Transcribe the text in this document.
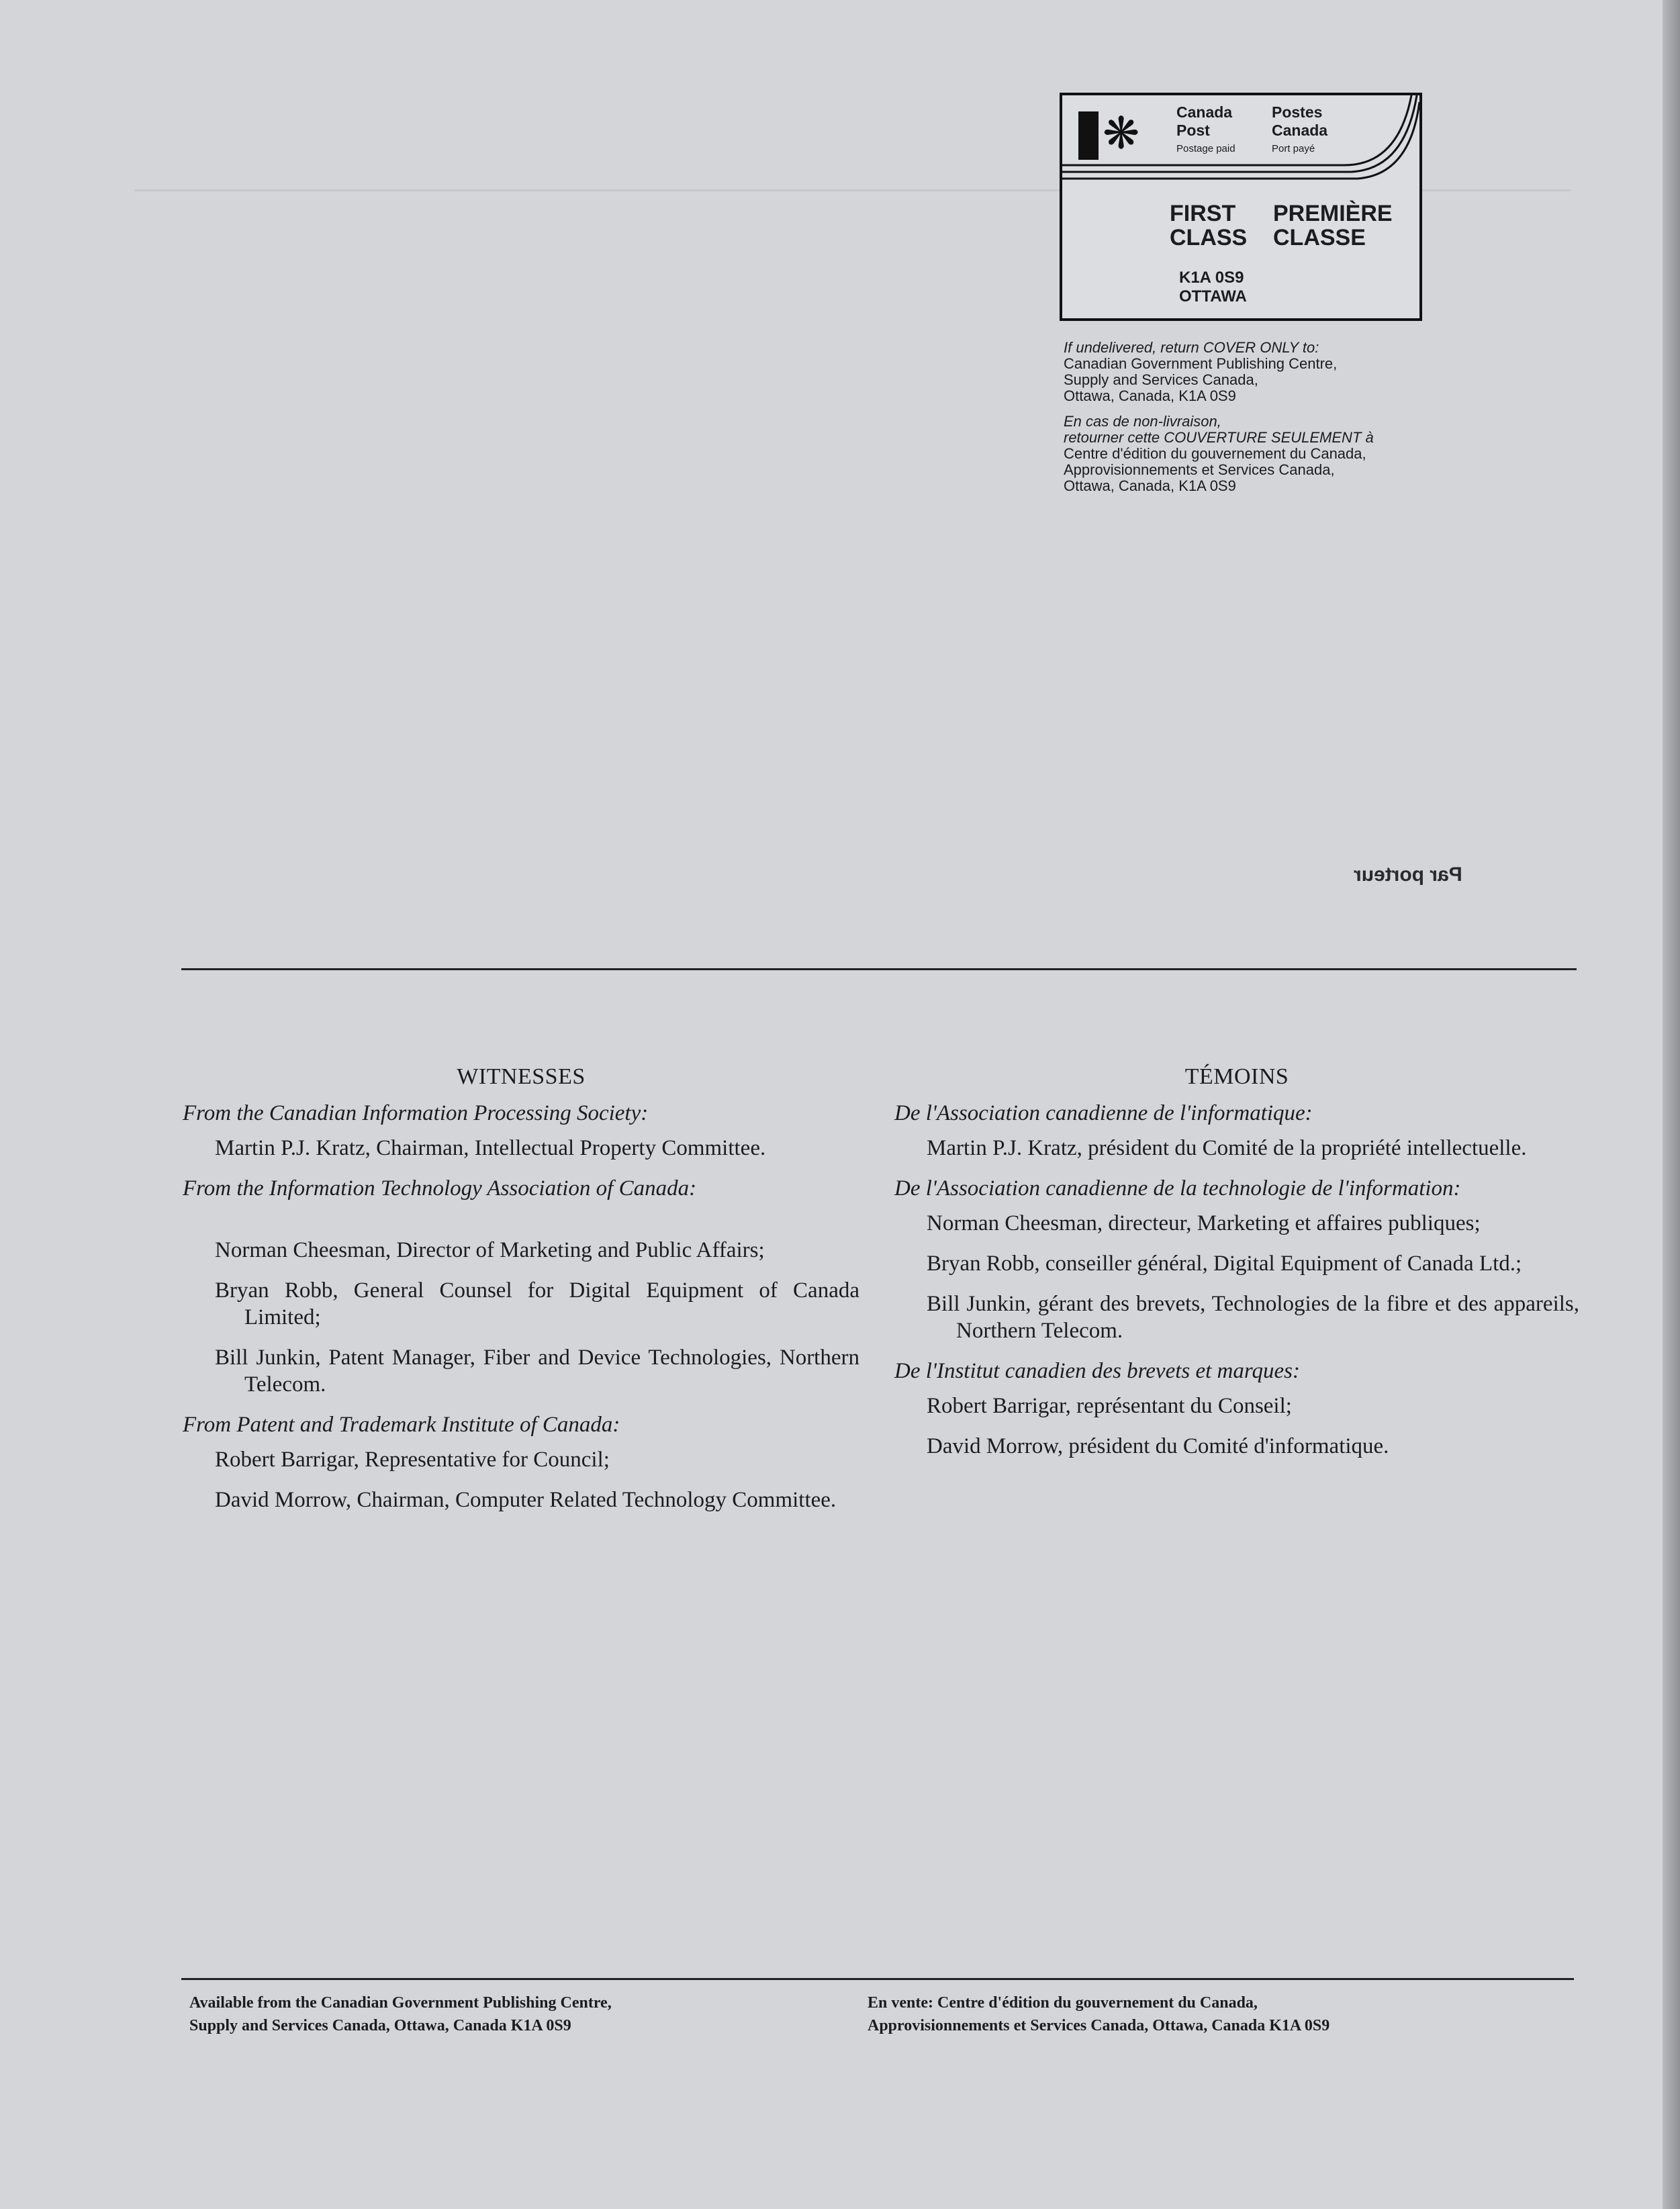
❋ Canada
Post
Postage paid
Postes
Canada
Port payé
FIRST
CLASS
PREMIÈRE
CLASSE
K1A 0S9
OTTAWA

If undelivered, return COVER ONLY to:

Canadian Government Publishing Centre,

Supply and Services Canada,

Ottawa, Canada, K1A 0S9

En cas de non-livraison,

retourner cette COUVERTURE SEULEMENT à

Centre d'édition du gouvernement du Canada,

Approvisionnements et Services Canada,

Ottawa, Canada, K1A 0S9

Par porteur
WITNESSES

From the Canadian Information Processing Society:

Martin P.J. Kratz, Chairman, Intellectual Property Committee.

From the Information Technology Association of Canada:

Norman Cheesman, Director of Marketing and Public Affairs;

Bryan Robb, General Counsel for Digital Equipment of Canada Limited;

Bill Junkin, Patent Manager, Fiber and Device Technologies, Northern Telecom.

From Patent and Trademark Institute of Canada:

Robert Barrigar, Representative for Council;

David Morrow, Chairman, Computer Related Technology Committee.

TÉMOINS

De l'Association canadienne de l'informatique:

Martin P.J. Kratz, président du Comité de la propriété intellectuelle.

De l'Association canadienne de la technologie de l'information:

Norman Cheesman, directeur, Marketing et affaires publiques;

Bryan Robb, conseiller général, Digital Equipment of Canada Ltd.;

Bill Junkin, gérant des brevets, Technologies de la fibre et des appareils, Northern Telecom.

De l'Institut canadien des brevets et marques:

Robert Barrigar, représentant du Conseil;

David Morrow, président du Comité d'informatique.

Available from the Canadian Government Publishing Centre,

Supply and Services Canada, Ottawa, Canada K1A 0S9

En vente: Centre d'édition du gouvernement du Canada,

Approvisionnements et Services Canada, Ottawa, Canada K1A 0S9
